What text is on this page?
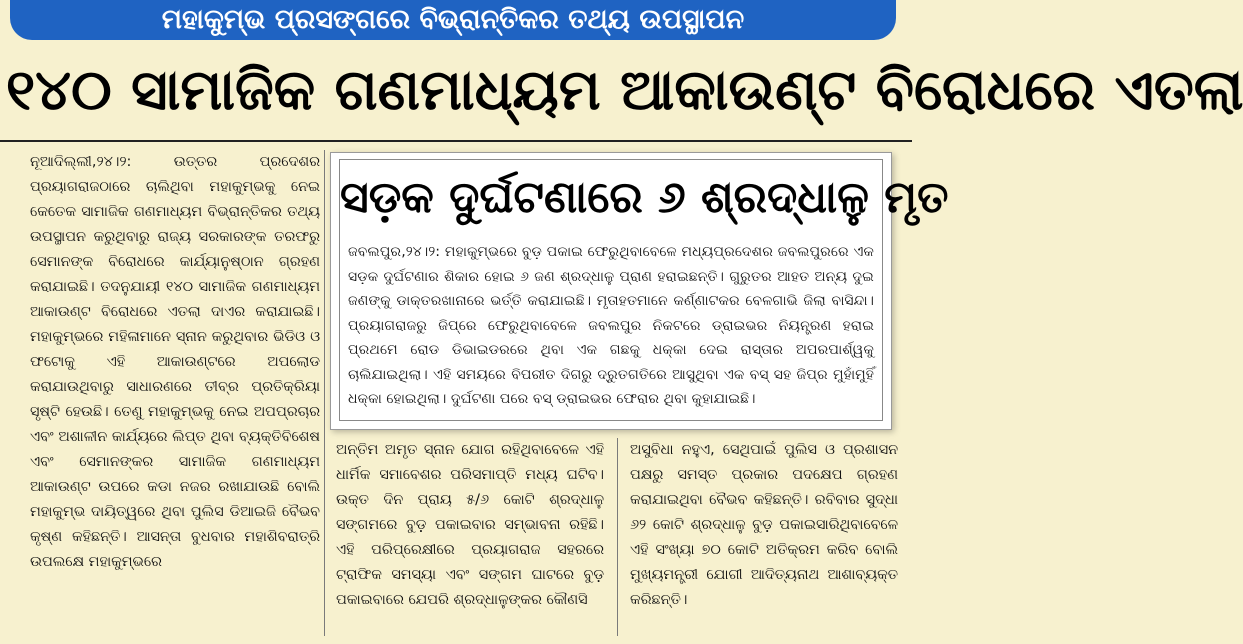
ମହାକୁମ୍ଭ ପ୍ରସଙ୍ଗରେ ବିଭ୍ରାନ୍ତିକର ତଥ୍ୟ ଉପସ୍ଥାପନ
୧୪୦ ସାମାଜିକ ଗଣମାଧ୍ୟମ ଆକାଉଣ୍ଟ ବିରୋଧରେ ଏତଲା
ନୂଆଦିଲ୍ଲୀ,୨୪।୨: ଉତ୍ତର ପ୍ରଦେଶର ପ୍ରୟାଗରାଜଠାରେ ଚାଲିଥିବା ମହାକୁମ୍ଭକୁ ନେଇ କେତେକ ସାମାଜିକ ଗଣମାଧ୍ୟମ ବିଭ୍ରାନ୍ତିକର ତଥ୍ୟ ଉପସ୍ଥାପନ କରୁଥିବାରୁ ରାଜ୍ୟ ସରକାରଙ୍କ ତରଫରୁ ସେମାନଙ୍କ ବିରୋଧରେ କାର୍ଯ୍ୟାନୁଷ୍ଠାନ ଗ୍ରହଣ କରାଯାଇଛି। ତଦନୁଯାୟୀ ୧୪୦ ସାମାଜିକ ଗଣମାଧ୍ୟମ ଆକାଉଣ୍ଟ ବିରୋଧରେ ଏତଲା ଦାଏର କରାଯାଇଛି। ମହାକୁମ୍ଭରେ ମହିଳାମାନେ ସ୍ନାନ କରୁଥିବାର ଭିଡିଓ ଓ ଫଟୋକୁ ଏହି ଆକାଉଣ୍ଟରେ ଅପଲୋଡ କରାଯାଉଥିବାରୁ ସାଧାରଣରେ ତୀବ୍ର ପ୍ରତିକ୍ରିୟା ସୃଷ୍ଟି ହେଉଛି। ତେଣୁ ମହାକୁମ୍ଭକୁ ନେଇ ଅପପ୍ରଚାର ଏବଂ ଅଶାଳୀନ କାର୍ଯ୍ୟରେ ଲିପ୍ତ ଥିବା ବ୍ୟକ୍ତିବିଶେଷ ଏବଂ ସେମାନଙ୍କର ସାମାଜିକ ଗଣମାଧ୍ୟମ ଆକାଉଣ୍ଟ ଉପରେ କଡା ନଜର ରଖାଯାଉଛି ବୋଲି ମହାକୁମ୍ଭ ଦାୟିତ୍ୱରେ ଥିବା ପୁଲିସ ଡିଆଇଜି ବୈଭବ କୃଷ୍ଣ କହିଛନ୍ତି। ଆସନ୍ତା ବୁଧବାର ମହାଶିବରାତ୍ରି ଉପଲକ୍ଷେ ମହାକୁମ୍ଭରେ
ସଡ଼କ ଦୁର୍ଘଟଣାରେ ୬ ଶ୍ରଦ୍ଧାଳୁ ମୃତ
ଜବଲପୁର,୨୪।୨: ମହାକୁମ୍ଭରେ ବୁଡ଼ ପକାଇ ଫେରୁଥିବାବେଳେ ମଧ୍ୟପ୍ରଦେଶର ଜବଲପୁରରେ ଏକ ସଡ଼କ ଦୁର୍ଘଟଣାର ଶିକାର ହୋଇ ୬ ଜଣ ଶ୍ରଦ୍ଧାଳୁ ପ୍ରାଣ ହରାଇଛନ୍ତି। ଗୁରୁତର ଆହତ ଅନ୍ୟ ଦୁଇ ଜଣଙ୍କୁ ଡାକ୍ତରଖାନାରେ ଭର୍ତ୍ତି କରାଯାଇଛି। ମୃତାହତମାନେ କର୍ଣ୍ଣାଟକର ବେଳଗାଭି ଜିଲା ବାସିନ୍ଦା। ପ୍ରୟାଗରାଜରୁ ଜିପ୍‌ରେ ଫେରୁଥିବାବେଳେ ଜବଲପୁର ନିକଟରେ ଡ୍ରାଇଭର ନିୟନ୍ତ୍ରଣ ହରାଇ ପ୍ରଥମେ ରୋଡ ଡିଭାଇଡରରେ ଥିବା ଏକ ଗଛକୁ ଧକ୍କା ଦେଇ ରାସ୍ତାର ଅପରପାର୍ଶ୍ୱକୁ ଚାଲିଯାଇଥିଲା। ଏହି ସମୟରେ ବିପରୀତ ଦିଗରୁ ଦ୍ରୁତଗତିରେ ଆସୁଥିବା ଏକ ବସ୍ ସହ ଜିପ୍‌ର ମୁହାଁମୁହିଁ ଧକ୍କା ହୋଇଥିଲା। ଦୁର୍ଘଟଣା ପରେ ବସ୍ ଡ୍ରାଇଭର ଫେରାର ଥିବା କୁହାଯାଇଛି।
ଅନ୍ତିମ ଅମୃତ ସ୍ନାନ ଯୋଗ ରହିଥିବାବେଳେ ଏହି ଧାର୍ମିକ ସମାବେଶର ପରିସମାପ୍ତି ମଧ୍ୟ ଘଟିବ। ଉକ୍ତ ଦିନ ପ୍ରାୟ ୫/୬ କୋଟି ଶ୍ରଦ୍ଧାଳୁ ସଙ୍ଗମରେ ବୁଡ଼ ପକାଇବାର ସମ୍ଭାବନା ରହିଛି। ଏହି ପରିପ୍ରେକ୍ଷୀରେ ପ୍ରୟାଗରାଜ ସହରରେ ଟ୍ରାଫିକ ସମସ୍ୟା ଏବଂ ସଙ୍ଗମ ଘାଟରେ ବୁଡ଼ ପକାଇବାରେ ଯେପରି ଶ୍ରଦ୍ଧାଳୁଙ୍କର କୌଣସି
ଅସୁବିଧା ନହୁଏ, ସେଥିପାଇଁ ପୁଲିସ ଓ ପ୍ରଶାସନ ପକ୍ଷରୁ ସମସ୍ତ ପ୍ରକାର ପଦକ୍ଷେପ ଗ୍ରହଣ କରାଯାଇଥିବା ବୈଭବ କହିଛନ୍ତି। ରବିବାର ସୁଦ୍ଧା ୬୨ କୋଟି ଶ୍ରଦ୍ଧାଳୁ ବୁଡ଼ ପକାଇସାରିଥିବାବେଳେ ଏହି ସଂଖ୍ୟା ୭୦ କୋଟି ଅତିକ୍ରମ କରିବ ବୋଲି ମୁଖ୍ୟମନ୍ତ୍ରୀ ଯୋଗୀ ଆଦିତ୍ୟନାଥ ଆଶାବ୍ୟକ୍ତ କରିଛନ୍ତି।
